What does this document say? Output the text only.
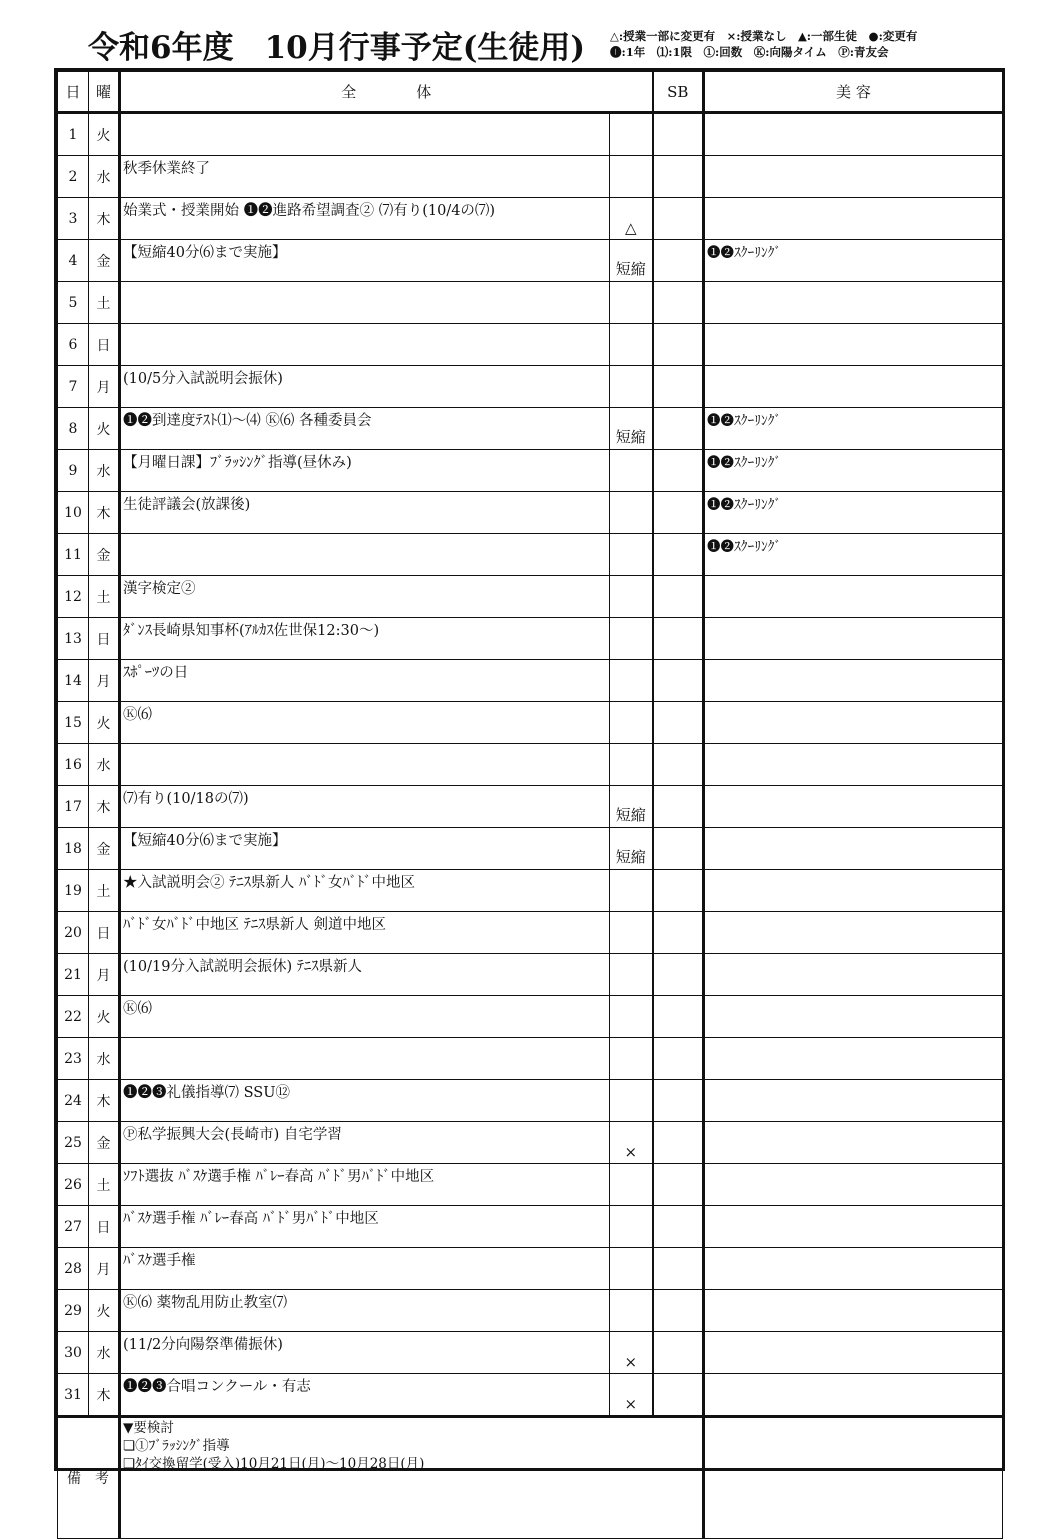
令和6年度　10月行事予定(生徒用) △:授業一部に変更有　×:授業なし　▲:一部生徒　●:変更有
❶:1年　⑴:1限　①:回数　Ⓚ:向陽タイム　Ⓟ:青友会
日	曜	全　　　　体		SB	美 容
1	火				
2	水	秋季休業終了			
3	木	始業式・授業開始 ❶❷進路希望調査② ⑺有り(10/4の⑺)	△		
4	金	【短縮40分⑹まで実施】	短縮		❶❷ｽｸｰﾘﾝｸﾞ
5	土				
6	日				
7	月	(10/5分入試説明会振休)			
8	火	❶❷到達度ﾃｽﾄ⑴～⑷ Ⓚ⑹ 各種委員会	短縮		❶❷ｽｸｰﾘﾝｸﾞ
9	水	【月曜日課】ﾌﾞﾗｯｼﾝｸﾞ指導(昼休み)			❶❷ｽｸｰﾘﾝｸﾞ
10	木	生徒評議会(放課後)			❶❷ｽｸｰﾘﾝｸﾞ
11	金				❶❷ｽｸｰﾘﾝｸﾞ
12	土	漢字検定②			
13	日	ﾀﾞﾝｽ長崎県知事杯(ｱﾙｶｽ佐世保12:30～)			
14	月	ｽﾎﾟｰﾂの日			
15	火	Ⓚ⑹			
16	水				
17	木	⑺有り(10/18の⑺)	短縮		
18	金	【短縮40分⑹まで実施】	短縮		
19	土	★入試説明会② ﾃﾆｽ県新人 ﾊﾞﾄﾞ女ﾊﾞﾄﾞ中地区			
20	日	ﾊﾞﾄﾞ女ﾊﾞﾄﾞ中地区 ﾃﾆｽ県新人 剣道中地区			
21	月	(10/19分入試説明会振休) ﾃﾆｽ県新人			
22	火	Ⓚ⑹			
23	水				
24	木	❶❷❸礼儀指導⑺ SSU⑫			
25	金	Ⓟ私学振興大会(長崎市) 自宅学習	×		
26	土	ｿﾌﾄ選抜 ﾊﾞｽｹ選手権 ﾊﾞﾚｰ春高 ﾊﾞﾄﾞ男ﾊﾞﾄﾞ中地区			
27	日	ﾊﾞｽｹ選手権 ﾊﾞﾚｰ春高 ﾊﾞﾄﾞ男ﾊﾞﾄﾞ中地区			
28	月	ﾊﾞｽｹ選手権			
29	火	Ⓚ⑹ 薬物乱用防止教室⑺			
30	水	(11/2分向陽祭準備振休)	×		
31	木	❶❷❸合唱コンクール・有志	×		
備　考		▼要検討
❏①ﾌﾞﾗｯｼﾝｸﾞ指導
❏ﾀｲ交換留学(受入)10月21日(月)～10月28日(月)			
